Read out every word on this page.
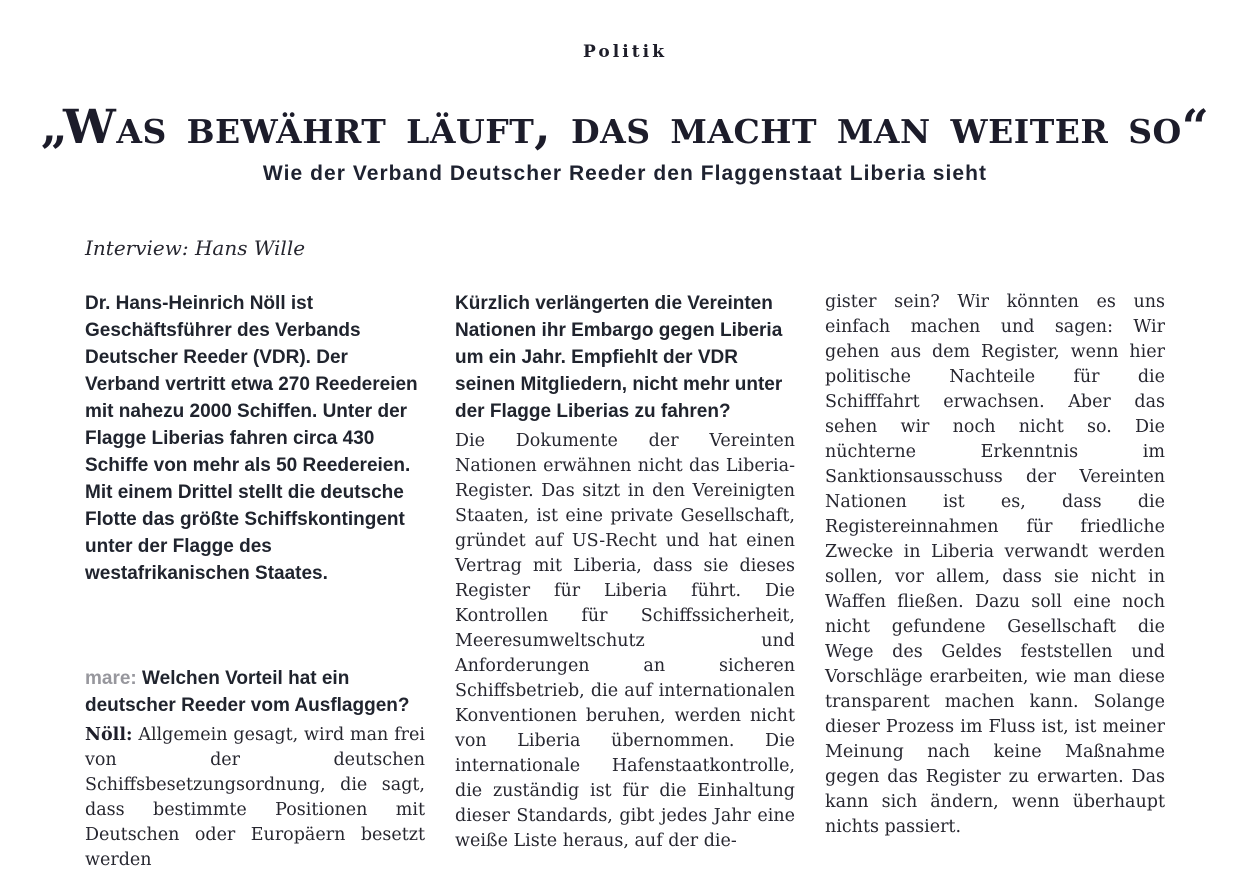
Politik
„Was bewährt läuft, das macht man weiter so“
Wie der Verband Deutscher Reeder den Flaggenstaat Liberia sieht
Interview: Hans Wille

Dr. Hans-Heinrich Nöll ist Geschäftsführer des Verbands Deutscher Reeder (VDR). Der Verband vertritt etwa 270 Reedereien mit nahezu 2000 Schiffen. Unter der Flagge Liberias fahren circa 430 Schiffe von mehr als 50 Reedereien. Mit einem Drittel stellt die deutsche Flotte das größte Schiffskontingent unter der Flagge des westafrikanischen Staates.

mare: Welchen Vorteil hat ein deutscher Reeder vom Ausflaggen?

Nöll: Allgemein gesagt, wird man frei von der deutschen Schiffsbesetzungsordnung, die sagt, dass bestimmte Positionen mit Deutschen oder Europäern besetzt werden

Kürzlich verlängerten die Vereinten Nationen ihr Embargo gegen Liberia um ein Jahr. Empfiehlt der VDR seinen Mitgliedern, nicht mehr unter der Flagge Liberias zu fahren?

Die Dokumente der Vereinten Nationen erwähnen nicht das Liberia-Register. Das sitzt in den Vereinigten Staaten, ist eine private Gesellschaft, gründet auf US-Recht und hat einen Vertrag mit Liberia, dass sie dieses Register für Liberia führt. Die Kontrollen für Schiffssicherheit, Meeresumweltschutz und Anforderungen an sicheren Schiffsbetrieb, die auf internationalen Konventionen beruhen, werden nicht von Liberia übernommen. Die internationale Hafenstaatkontrolle, die zuständig ist für die Einhaltung dieser Standards, gibt jedes Jahr eine weiße Liste heraus, auf der die-

gister sein? Wir könnten es uns einfach machen und sagen: Wir gehen aus dem Register, wenn hier politische Nachteile für die Schifffahrt erwachsen. Aber das sehen wir noch nicht so. Die nüchterne Erkenntnis im Sanktionsausschuss der Vereinten Nationen ist es, dass die Registereinnahmen für friedliche Zwecke in Liberia verwandt werden sollen, vor allem, dass sie nicht in Waffen fließen. Dazu soll eine noch nicht gefundene Gesellschaft die Wege des Geldes feststellen und Vorschläge erarbeiten, wie man diese transparent machen kann. Solange dieser Prozess im Fluss ist, ist meiner Meinung nach keine Maßnahme gegen das Register zu erwarten. Das kann sich ändern, wenn überhaupt nichts passiert.
